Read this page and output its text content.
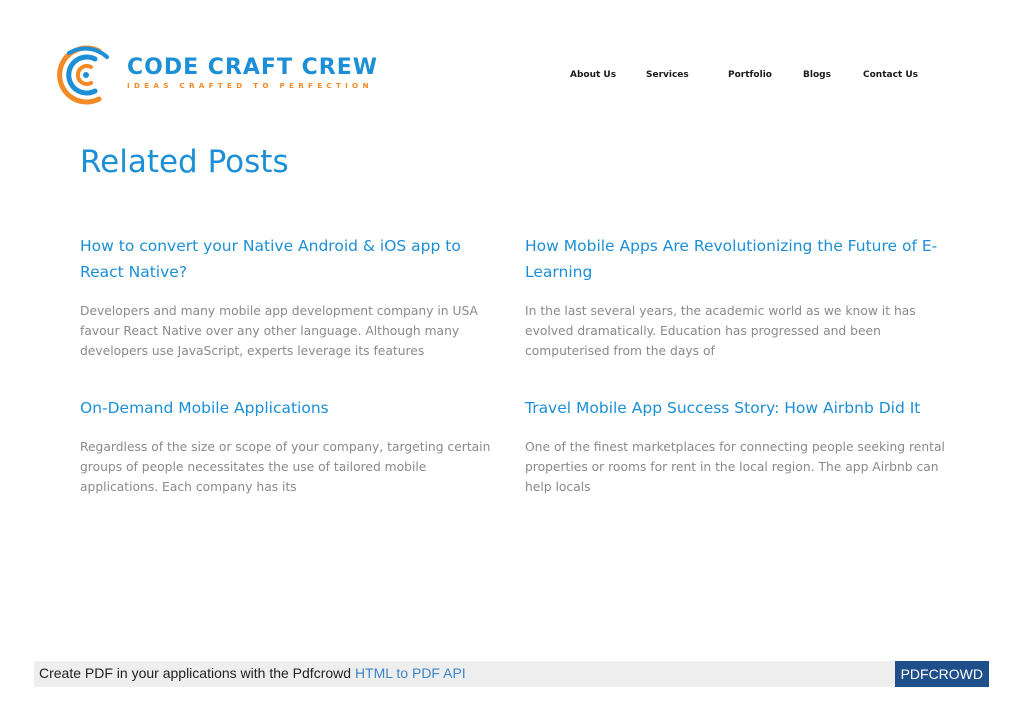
CODE CRAFT CREW
IDEAS CRAFTED TO PERFECTION
About Us	Services	Portfolio	Blogs	Contact Us
Related Posts
How to convert your Native Android & iOS app to React Native?

Developers and many mobile app development company in USA favour React Native over any other language. Although many developers use JavaScript, experts leverage its features

How Mobile Apps Are Revolutionizing the Future of E-Learning

In the last several years, the academic world as we know it has evolved dramatically. Education has progressed and been computerised from the days of

On-Demand Mobile Applications

Regardless of the size or scope of your company, targeting certain groups of people necessitates the use of tailored mobile applications. Each company has its

Travel Mobile App Success Story: How Airbnb Did It

One of the finest marketplaces for connecting people seeking rental properties or rooms for rent in the local region. The app Airbnb can help locals

Create PDF in your applications with the Pdfcrowd HTML to PDF API	PDFCROWD
